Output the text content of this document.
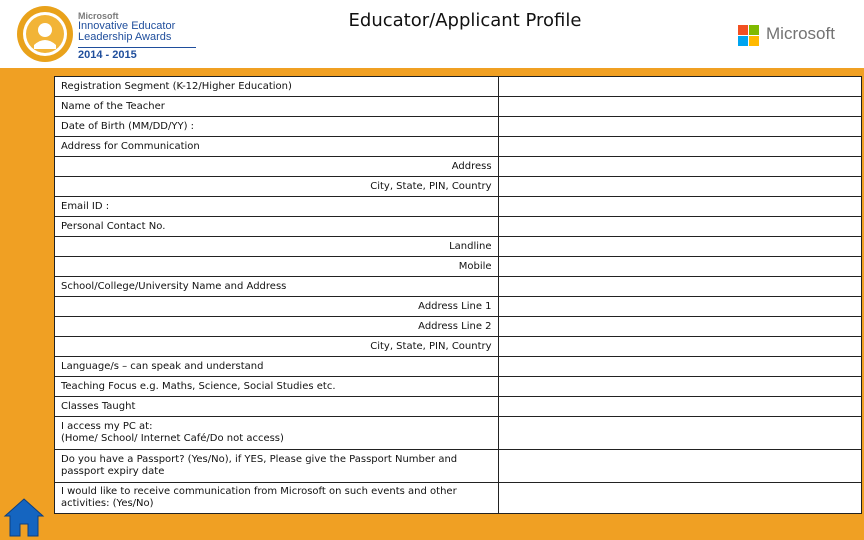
Microsoft
Innovative Educator
Leadership Awards
2014 - 2015
Educator/Applicant Profile
Microsoft
Registration Segment (K-12/Higher Education)	
Name of the Teacher	
Date of Birth (MM/DD/YY) :	
Address for Communication	
Address	
City, State, PIN, Country	
Email ID :	
Personal Contact No.	
Landline	
Mobile	
School/College/University Name and Address	
Address Line 1	
Address Line 2	
City, State, PIN, Country	
Language/s – can speak and understand	
Teaching Focus e.g. Maths, Science, Social Studies etc.	
Classes Taught	
I access my PC at:
(Home/ School/ Internet Café/Do not access)	
Do you have a Passport? (Yes/No), if YES, Please give the Passport Number and passport expiry date	
I would like to receive communication from Microsoft on such events and other activities: (Yes/No)	
